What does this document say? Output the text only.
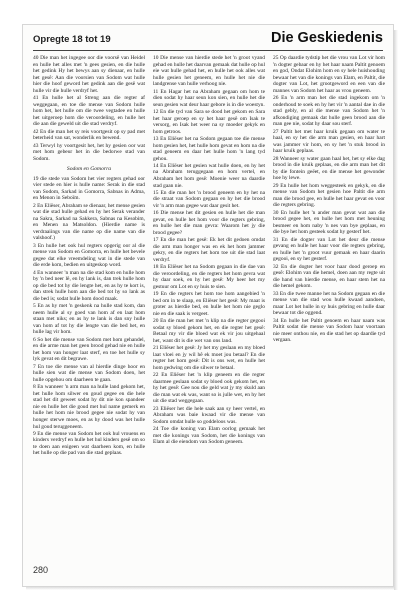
Opregte 18 tot 19	Die Geskiedenis

40 Die man het ingegee oor die voorsê van Heidel en hulle het alles met 'n gees gesien, en die hulle het gedink Hy het bewys aan sy dienaar, en hulle het gesê: Aan die voorsien van Sodom wat hulle hier die hoof geword het gedink aan die gesê wat hulle vir die hulle verdryf het.

41 En hulle het al Streng aan die regter af weggegaan, en toe die mense van Sodom hulle hom het, het hulle om die twee vegtadee en hulle het uitgeroep hom die veroordeling, en hulle het die aan die geweld uit die stad verdryf.

42 En die man het sy reis voortgesit op sy pad met beterheid van sat, wonderlik en bewend.

43 Terwyl hy voortgesit het, het hy gesien oor wat met hom gebeur het in die bedorwe stad van Sodom.

Sodom en Gomorra

19 die stede van Sodom het vier regters gehad oor vier stede en hier is hulle name: Serak in die stad van Sodom, Sarkad in Gomorra, Sabnas in Adma, en Menon in Seboïm.

2 En Eliëser, Abraham se dienaar, het mense gesien wat die stad hulle gehad en hy het Serak verander na Sakra, Sarkad na Sakkera, Sabnas na Kesobim, en Menen na Matsoldon. (Hierdie name is verdraaiings van die name op die name van die valshoof.)

3 En hulle het ook hul regters opgerig oor al die mense van Sodom en Gomorra, en hulle het bevele gegee dat elke vreemdeling wat in die stede van die erde kom, bedien en uitgeskop word.

4 En wanneer 'n man na die stad kom en hulle hom by 'n bed neer lê, en hy lank is, dan trek hulle hom op die bed tot hy die lengte het, en as hy te kort is, dan strek hulle hom aan die bed tot hy so lank as die bed is; sodat hulle hom dood maak.

5 En as hy met 'n geskenk na hulle stad kom, dan neem hulle al sy goed van hom af en laat hom staan met niks; en as hy te lank is dan sny hulle van hom af tot hy die lengte van die bed het, en hulle lag vir hom.

6 So het die mense van Sodom met hom gehandel, en die arme man het geen brood gehad nie en hulle het hom van honger laat sterf, en toe het hulle sy lyk gevat en dit begrawe.

7 En toe die mense van al hierdie dinge hoor en hulle sien wat die mense van Sodom doen, het hulle opgehou om daarheen te gaan.

8 En wanneer 'n arm man na hulle land gekom het, het hulle hom silwer en goud gegee en die hele stad het dit geweet sodat hy dit nie kon spandeer nie en hulle het die goud met hul name gemerk en hulle het hom nie brood gegee nie sodat hy van honger sterwe moes, en as hy dood was het hulle hul goud teruggeneem.

9 En die mense van Sodom het ook hul vrouens en kinders verdryf en hulle het hul kinders gesê om so te doen aan enigeen wat daarheen kom, en hulle het hulle op die pad van die stad geplaas.

10 Die mense van hierdie stede het 'n groot vyand gehad en hulle het daarvan gemaak dat hulle op hul eie wat hulle gehad het, en hulle het ook alles wat hulle gesien het geneem, en hulle het nie die landgrense van hulle verhoog nie.

11 En Hagar het na Abraham gegaan om hom te dien sodat hy haar seun kon sien, en hulle het die seun gesien wat deur haar gebore is in die woestyn.

12 En die tyd van Sara se dood het gekom en Sara het haar geroep en sy het haar gesê om Isak te versorg, en Isak het weer na sy moeder gekyk en hom getroos.

13 En Eliëser het na Sodom gegaan toe die mense hom gesien het, het hulle hom gevat en hom na die stad geneem en daar het hulle hom 'n lang tyd gehou.

14 En Eliëser het gesien wat hulle doen, en hy het na Abraham teruggegaan en hom vertel, en Abraham het hom gesê: Moenie weer na daardie stad gaan nie.

15 En die man het 'n brood geneem en hy het na die straat van Sodom gegaan en hy het die brood vir 'n arm man gegee wat daar gesit het.

16 Die mense het dit gesien en hulle het die man gevat, en hulle het hom voor die regters gebring, en hulle het die man gevra: Waarom het jy die brood gegee?

17 En die man het gesê: Ek het dit gedoen omdat die arm man honger was en ek het hom jammer gekry, en die regters het hom toe uit die stad laat verdryf.

18 En Eliëser het na Sodom gegaan in die dae van die veroordeling, en die regters het hom gevra wat hy daar soek, en hy het gesê: My heer het my gestuur om Lot en sy huis te sien.

19 En die regters het hom toe hom aangebied 'n bed om in te slaap, en Eliëser het gesê: My maat is groter as hierdie bed, en hulle het hom nie geglo nie en die saak is vergeet.

20 En die man het met 'n klip na die regter gegooi sodat sy bloed gekom het, en die regter het gesê: Betaal my vir die bloed wat ek vir jou uitgehaal het, want dit is die wet van ons land.

21 Eliëser het gesê: Jy het my geslaan en my bloed laat vloei en jy wil hê ek moet jou betaal? En die regter het hom gesê: Dit is ons wet, en hulle het hom gedwing om die silwer te betaal.

22 En Eliëser het 'n klip geneem en die regter daarmee geslaan sodat sy bloed ook gekom het, en hy het gesê: Gee nou die geld wat jy my skuld aan die man wat ek was, want so is julle wet, en hy het uit die stad weggegaan.

23 Eliëser het die hele saak aan sy heer vertel, en Abraham was baie kwaad vir die mense van Sodom omdat hulle so goddeloos was.

24 Toe die koning van Elam oorlog gemaak het met die konings van Sodom, het die konings van Elam al die eiendom van Sodom geneem.

25 Op daardie tydstip het die vrou van Lot vir hom 'n dogter gebaar en hy het haar naam Paltit genoem en god, Ondat Elohim hom en sy hele huishouding bewaar het van die konings van Elam, en Paltit, die dogter van Lot, het grootgeword en een van die mannes van Sodom het haar as vrou geneem.

26 En 'n arm man het die stad ingekom om 'n onderhoud te soek en hy het vir 'n aantal dae in die stad gebly, en al die mense van Sodom het 'n afkondiging gemaak dat hulle geen brood aan die man gee nie, sodat hy daar sou sterf.

27 Paltit het met haar kruik gegaan om water te haal, en sy het die arm man gesien, en haar hart was jammer vir hom, en sy het 'n stuk brood in haar kruik geplaas.

28 Wanneer sy water gaan haal het, het sy elke dag brood in die kruik geplaas, en die arm man het dit by die fontein geëet, en die mense het gewonder hoe hy lewe.

29 En hulle het hom weggesteek en gekyk, en die mense van Sodom het gesien hoe Paltit die arm man die brood gee, en hulle het haar gevat en voor die regters gebring.

30 En hulle het 'n ander man gevat wat aan die brood gegee het, en hulle het hom met heuning besmeer en hom naby 'n nes van bye geplaas, en die bye het hom gesteek sodat hy gesterf het.

31 En die dogter van Lot het deur die mense gevang en hulle het haar voor die regters gebring, en hulle het 'n groot vuur gemaak en haar daarin gegooi, en sy het gesterf.

32 En die dogter het voor haar dood geroep en gesê: Elohim van die hemel, doen aan my regte uit die hand van hierdie mense, en haar stem het na die hemel gekom.

33 En die twee manne het na Sodom gegaan en die mense van die stad wou hulle kwaad aandoen, maar Lot het hulle in sy huis gebring en hulle daar bewaar tot die oggend.

34 En hulle het Paltit genoem en haar naam was Paltit sodat die mense van Sodom haar voortaan nie meer onthou nie, en die stad het op daardie tyd vergaan.

280
